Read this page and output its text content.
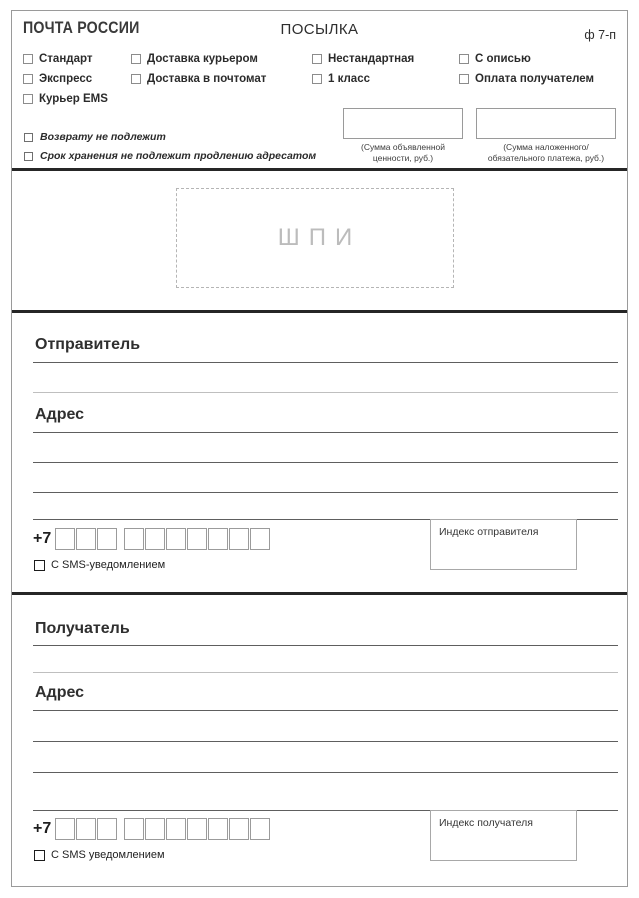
ПОЧТА РОССИИ	ПОСЫЛКА	ф 7-п
Стандарт
Экспресс
Курьер EMS
Доставка курьером
Доставка в почтомат
Нестандартная
1 класс
С описью
Оплата получателем
Возврату не подлежит
Срок хранения не подлежит продлению адресатом
(Сумма объявленной ценности, руб.)
(Сумма наложенного/ обязательного платежа, руб.)
ШПИ
Отправитель
Адрес
+7
С SMS-уведомлением
Индекс отправителя
Получатель
Адрес
+7
С SMS уведомлением
Индекс получателя
